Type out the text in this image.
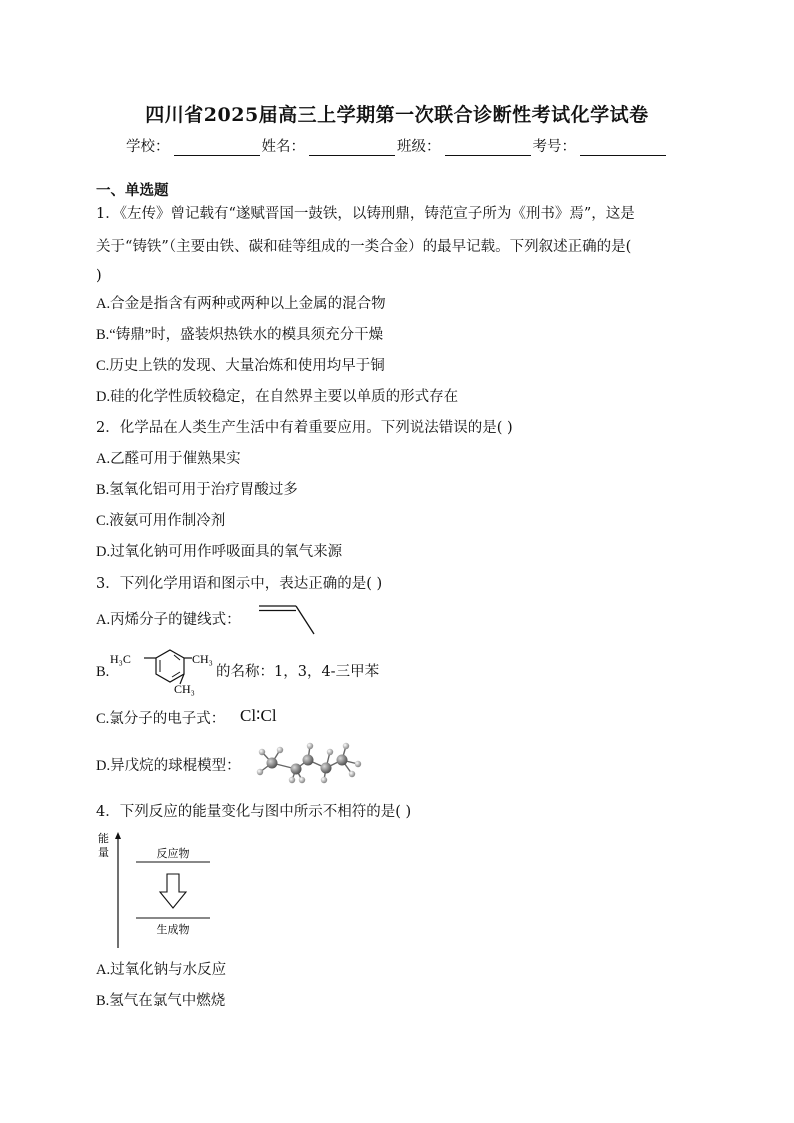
四川省2025届高三上学期第一次联合诊断性考试化学试卷
学校：	姓名：	班级：	考号：
一、单选题
1．《左传》曾记载有“遂赋晋国一鼓铁，以铸刑鼎，铸范宣子所为《刑书》焉”，这是
关于“铸铁”（主要由铁、碳和硅等组成的一类合金）的最早记载。下列叙述正确的是(
)
A.合金是指含有两种或两种以上金属的混合物
B.“铸鼎”时，盛装炽热铁水的模具须充分干燥
C.历史上铁的发现、大量冶炼和使用均早于铜
D.硅的化学性质较稳定，在自然界主要以单质的形式存在
2．化学品在人类生产生活中有着重要应用。下列说法错误的是( )
A.乙醛可用于催熟果实
B.氢氧化铝可用于治疗胃酸过多
C.液氨可用作制冷剂
D.过氧化钠可用作呼吸面具的氧气来源
3．下列化学用语和图示中，表达正确的是( )
A.丙烯分子的键线式：
B.
H₃C	CH₃
CH₃
的名称：1，3，4-三甲苯
C.氯分子的电子式： Cl∶Cl
D.异戊烷的球棍模型：
4．下列反应的能量变化与图中所示不相符的是( )
能
量	反应物
生成物
A.过氧化钠与水反应
B.氢气在氯气中燃烧
